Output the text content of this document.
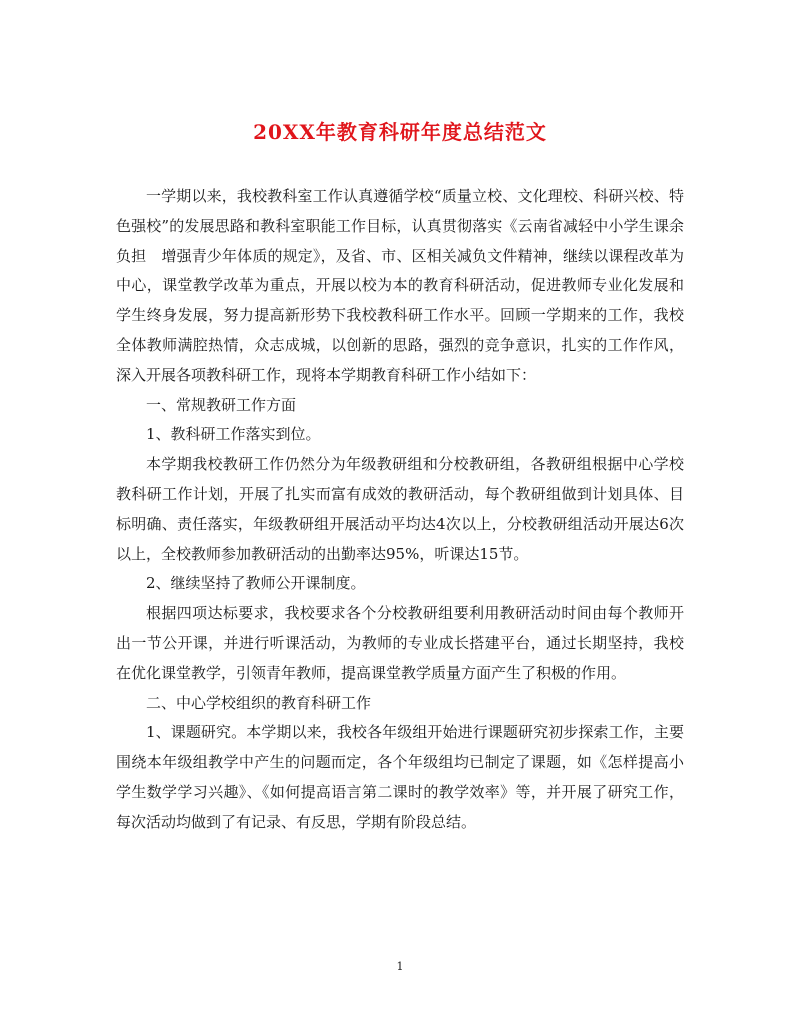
20XX年教育科研年度总结范文

一学期以来，我校教科室工作认真遵循学校“质量立校、文化理校、科研兴校、特色强校”的发展思路和教科室职能工作目标，认真贯彻落实《云南省减轻中小学生课余负担　增强青少年体质的规定》，及省、市、区相关减负文件精神，继续以课程改革为中心，课堂教学改革为重点，开展以校为本的教育科研活动，促进教师专业化发展和学生终身发展，努力提高新形势下我校教科研工作水平。回顾一学期来的工作，我校全体教师满腔热情，众志成城，以创新的思路，强烈的竞争意识，扎实的工作作风，深入开展各项教科研工作，现将本学期教育科研工作小结如下：

一、常规教研工作方面

1、教科研工作落实到位。

本学期我校教研工作仍然分为年级教研组和分校教研组，各教研组根据中心学校教科研工作计划，开展了扎实而富有成效的教研活动，每个教研组做到计划具体、目标明确、责任落实，年级教研组开展活动平均达4次以上，分校教研组活动开展达6次以上，全校教师参加教研活动的出勤率达95%，听课达15节。

2、继续坚持了教师公开课制度。

根据四项达标要求，我校要求各个分校教研组要利用教研活动时间由每个教师开出一节公开课，并进行听课活动，为教师的专业成长搭建平台，通过长期坚持，我校在优化课堂教学，引领青年教师，提高课堂教学质量方面产生了积极的作用。

二、中心学校组织的教育科研工作

1、课题研究。本学期以来，我校各年级组开始进行课题研究初步探索工作，主要围绕本年级组教学中产生的问题而定，各个年级组均已制定了课题，如《怎样提高小学生数学学习兴趣》、《如何提高语言第二课时的教学效率》等，并开展了研究工作，每次活动均做到了有记录、有反思，学期有阶段总结。

1
